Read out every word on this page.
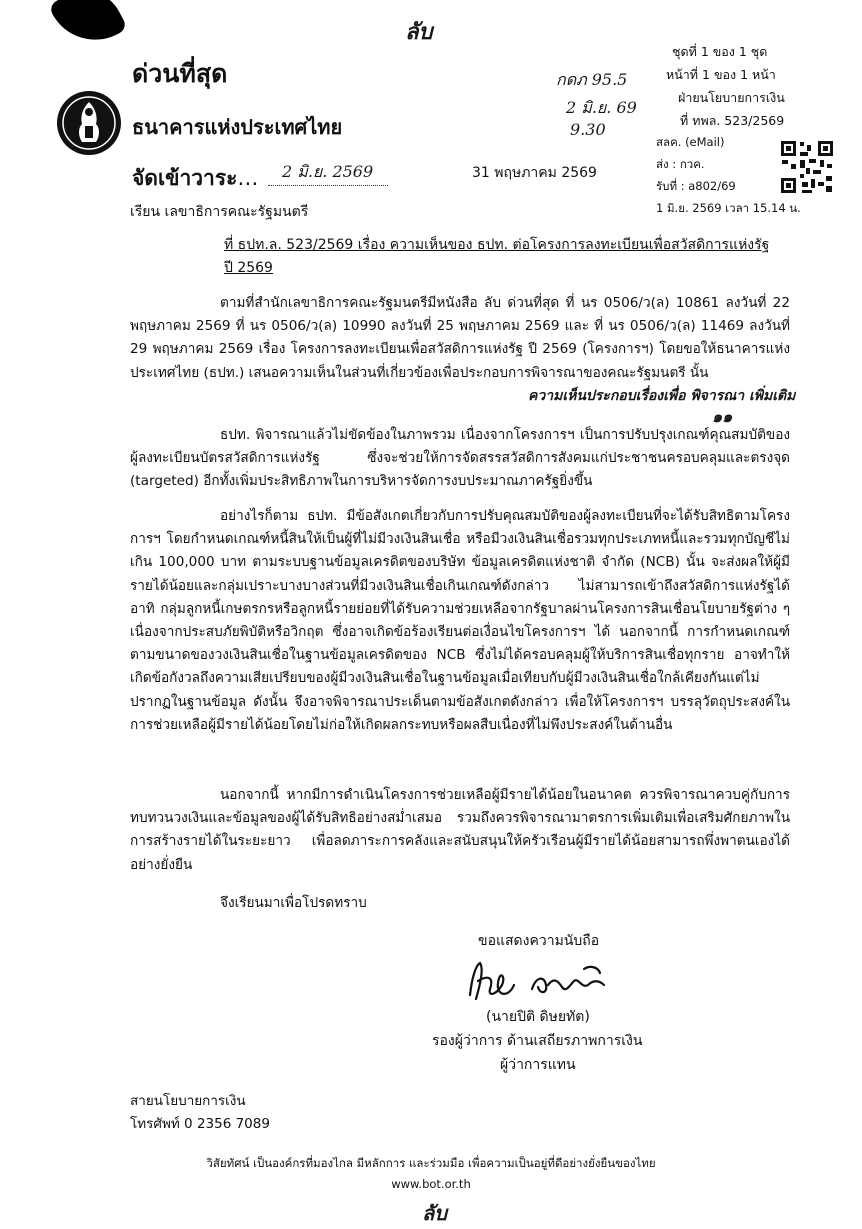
ลับ
ด่วนที่สุด
ธนาคารแห่งประเทศไทย
กดภ 95.5
2 มิ.ย. 69
9.30
ชุดที่ 1 ของ 1 ชุด
หน้าที่ 1 ของ 1 หน้า
ฝ่ายนโยบายการเงิน
ที่ ทพล. 523/2569
สลค. (eMail)
ส่ง : กวค.
รับที่ : a802/69
1 มิ.ย. 2569 เวลา 15.14 น.
จัดเข้าวาระ…	2 มิ.ย. 2569	31 พฤษภาคม 2569
เรียน เลขาธิการคณะรัฐมนตรี
ที่ ธปท.ล. 523/2569 เรื่อง ความเห็นของ ธปท. ต่อโครงการลงทะเบียนเพื่อสวัสดิการแห่งรัฐ
ปี 2569

ตามที่สำนักเลขาธิการคณะรัฐมนตรีมีหนังสือ ลับ ด่วนที่สุด ที่ นร 0506/ว(ล) 10861 ลงวันที่ 22 พฤษภาคม 2569 ที่ นร 0506/ว(ล) 10990 ลงวันที่ 25 พฤษภาคม 2569 และ ที่ นร 0506/ว(ล) 11469 ลงวันที่ 29 พฤษภาคม 2569 เรื่อง โครงการลงทะเบียนเพื่อสวัสดิการแห่งรัฐ ปี 2569 (โครงการฯ) โดยขอให้ธนาคารแห่งประเทศไทย (ธปท.) เสนอความเห็นในส่วนที่เกี่ยวข้องเพื่อประกอบการพิจารณาของคณะรัฐมนตรี นั้น

ความเห็นประกอบเรื่องเพื่อ พิจารณา เพิ่มเติม
๑๑

ธปท. พิจารณาแล้วไม่ขัดข้องในภาพรวม เนื่องจากโครงการฯ เป็นการปรับปรุงเกณฑ์คุณสมบัติของผู้ลงทะเบียนบัตรสวัสดิการแห่งรัฐ ซึ่งจะช่วยให้การจัดสรรสวัสดิการสังคมแก่ประชาชนครอบคลุมและตรงจุด (targeted) อีกทั้งเพิ่มประสิทธิภาพในการบริหารจัดการงบประมาณภาครัฐยิ่งขึ้น

อย่างไรก็ตาม ธปท. มีข้อสังเกตเกี่ยวกับการปรับคุณสมบัติของผู้ลงทะเบียนที่จะได้รับสิทธิตามโครงการฯ โดยกำหนดเกณฑ์หนี้สินให้เป็นผู้ที่ไม่มีวงเงินสินเชื่อ หรือมีวงเงินสินเชื่อรวมทุกประเภทหนี้และรวมทุกบัญชีไม่เกิน 100,000 บาท ตามระบบฐานข้อมูลเครดิตของบริษัท ข้อมูลเครดิตแห่งชาติ จำกัด (NCB) นั้น จะส่งผลให้ผู้มีรายได้น้อยและกลุ่มเปราะบางบางส่วนที่มีวงเงินสินเชื่อเกินเกณฑ์ดังกล่าว ไม่สามารถเข้าถึงสวัสดิการแห่งรัฐได้ อาทิ กลุ่มลูกหนี้เกษตรกรหรือลูกหนี้รายย่อยที่ได้รับความช่วยเหลือจากรัฐบาลผ่านโครงการสินเชื่อนโยบายรัฐต่าง ๆ เนื่องจากประสบภัยพิบัติหรือวิกฤต ซึ่งอาจเกิดข้อร้องเรียนต่อเงื่อนไขโครงการฯ ได้ นอกจากนี้ การกำหนดเกณฑ์ตามขนาดของวงเงินสินเชื่อในฐานข้อมูลเครดิตของ NCB ซึ่งไม่ได้ครอบคลุมผู้ให้บริการสินเชื่อทุกราย อาจทำให้เกิดข้อกังวลถึงความเสียเปรียบของผู้มีวงเงินสินเชื่อในฐานข้อมูลเมื่อเทียบกับผู้มีวงเงินสินเชื่อใกล้เคียงกันแต่ไม่ปรากฏในฐานข้อมูล ดังนั้น จึงอาจพิจารณาประเด็นตามข้อสังเกตดังกล่าว เพื่อให้โครงการฯ บรรลุวัตถุประสงค์ในการช่วยเหลือผู้มีรายได้น้อยโดยไม่ก่อให้เกิดผลกระทบหรือผลสืบเนื่องที่ไม่พึงประสงค์ในด้านอื่น

นอกจากนี้ หากมีการดำเนินโครงการช่วยเหลือผู้มีรายได้น้อยในอนาคต ควรพิจารณาควบคู่กับการทบทวนวงเงินและข้อมูลของผู้ได้รับสิทธิอย่างสม่ำเสมอ รวมถึงควรพิจารณามาตรการเพิ่มเติมเพื่อเสริมศักยภาพในการสร้างรายได้ในระยะยาว เพื่อลดภาระการคลังและสนับสนุนให้ครัวเรือนผู้มีรายได้น้อยสามารถพึ่งพาตนเองได้อย่างยั่งยืน

จึงเรียนมาเพื่อโปรดทราบ

ขอแสดงความนับถือ
(นายปิติ ดิษยทัต)
รองผู้ว่าการ ด้านเสถียรภาพการเงิน
ผู้ว่าการแทน
สายนโยบายการเงิน
โทรศัพท์ 0 2356 7089
วิสัยทัศน์ เป็นองค์กรที่มองไกล มีหลักการ และร่วมมือ เพื่อความเป็นอยู่ที่ดีอย่างยั่งยืนของไทย
www.bot.or.th
ลับ
